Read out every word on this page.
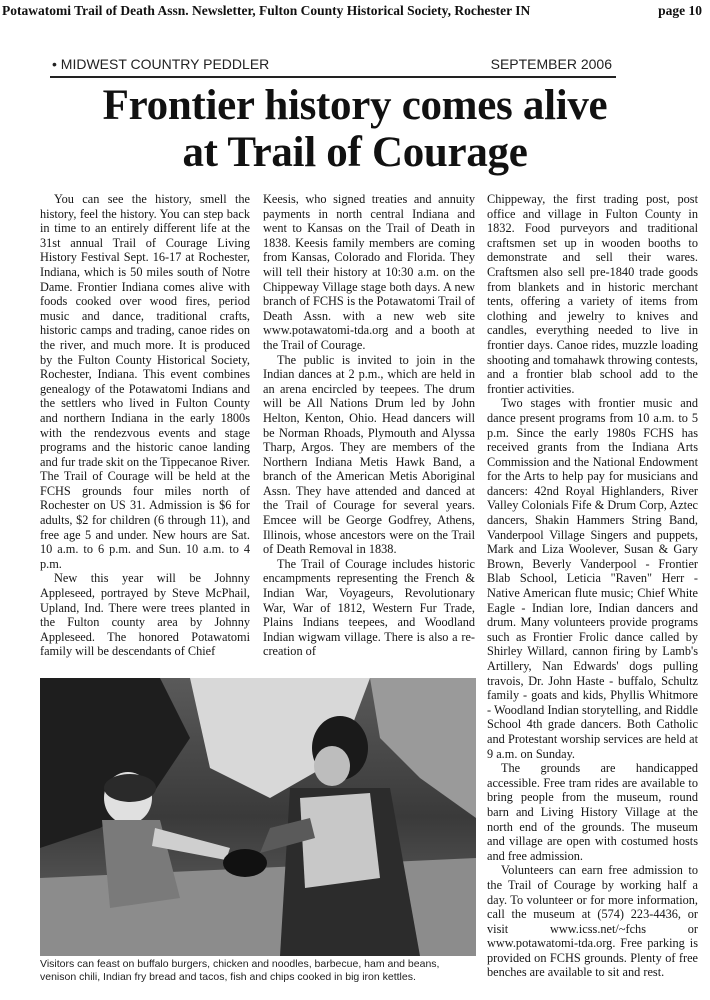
Potawatomi Trail of Death Assn. Newsletter, Fulton County Historical Society, Rochester IN	page 10
• MIDWEST COUNTRY PEDDLER	SEPTEMBER 2006
Frontier history comes alive
at Trail of Courage

You can see the history, smell the history, feel the history. You can step back in time to an entirely different life at the 31st annual Trail of Courage Living History Festival Sept. 16-17 at Rochester, Indiana, which is 50 miles south of Notre Dame. Frontier Indiana comes alive with foods cooked over wood fires, period music and dance, traditional crafts, historic camps and trading, canoe rides on the river, and much more. It is produced by the Fulton County Historical Society, Rochester, Indiana. This event combines genealogy of the Potawatomi Indians and the settlers who lived in Fulton County and northern Indiana in the early 1800s with the rendezvous events and stage programs and the historic canoe landing and fur trade skit on the Tippecanoe River. The Trail of Courage will be held at the FCHS grounds four miles north of Rochester on US 31. Admission is $6 for adults, $2 for children (6 through 11), and free age 5 and under. New hours are Sat. 10 a.m. to 6 p.m. and Sun. 10 a.m. to 4 p.m.

New this year will be Johnny Appleseed, portrayed by Steve McPhail, Upland, Ind. There were trees planted in the Fulton county area by Johnny Appleseed. The honored Potawatomi family will be descendants of Chief

Keesis, who signed treaties and annuity payments in north central Indiana and went to Kansas on the Trail of Death in 1838. Keesis family members are coming from Kansas, Colorado and Florida. They will tell their history at 10:30 a.m. on the Chippeway Village stage both days. A new branch of FCHS is the Potawatomi Trail of Death Assn. with a new web site www.potawatomi-tda.org and a booth at the Trail of Courage.

The public is invited to join in the Indian dances at 2 p.m., which are held in an arena encircled by teepees. The drum will be All Nations Drum led by John Helton, Kenton, Ohio. Head dancers will be Norman Rhoads, Plymouth and Alyssa Tharp, Argos. They are members of the Northern Indiana Metis Hawk Band, a branch of the American Metis Aboriginal Assn. They have attended and danced at the Trail of Courage for several years. Emcee will be George Godfrey, Athens, Illinois, whose ancestors were on the Trail of Death Removal in 1838.

The Trail of Courage includes historic encampments representing the French & Indian War, Voyageurs, Revolutionary War, War of 1812, Western Fur Trade, Plains Indians teepees, and Woodland Indian wigwam village. There is also a re-creation of

Chippeway, the first trading post, post office and village in Fulton County in 1832. Food purveyors and traditional craftsmen set up in wooden booths to demonstrate and sell their wares. Craftsmen also sell pre-1840 trade goods from blankets and in historic merchant tents, offering a variety of items from clothing and jewelry to knives and candles, everything needed to live in frontier days. Canoe rides, muzzle loading shooting and tomahawk throwing contests, and a frontier blab school add to the frontier activities.

Two stages with frontier music and dance present programs from 10 a.m. to 5 p.m. Since the early 1980s FCHS has received grants from the Indiana Arts Commission and the National Endowment for the Arts to help pay for musicians and dancers: 42nd Royal Highlanders, River Valley Colonials Fife & Drum Corp, Aztec dancers, Shakin Hammers String Band, Vanderpool Village Singers and puppets, Mark and Liza Woolever, Susan & Gary Brown, Beverly Vanderpool - Frontier Blab School, Leticia "Raven" Herr - Native American flute music; Chief White Eagle - Indian lore, Indian dancers and drum. Many volunteers provide programs such as Frontier Frolic dance called by Shirley Willard, cannon firing by Lamb's Artillery, Nan Edwards' dogs pulling travois, Dr. John Haste - buffalo, Schultz family - goats and kids, Phyllis Whitmore - Woodland Indian storytelling, and Riddle School 4th grade dancers. Both Catholic and Protestant worship services are held at 9 a.m. on Sunday.

The grounds are handicapped accessible. Free tram rides are available to bring people from the museum, round barn and Living History Village at the north end of the grounds. The museum and village are open with costumed hosts and free admission.

Volunteers can earn free admission to the Trail of Courage by working half a day. To volunteer or for more information, call the museum at (574) 223-4436, or visit www.icss.net/~fchs or www.potawatomi-tda.org. Free parking is provided on FCHS grounds. Plenty of free benches are available to sit and rest.

Visitors can feast on buffalo burgers, chicken and noodles, barbecue, ham and beans, venison chili, Indian fry bread and tacos, fish and chips cooked in big iron kettles.
